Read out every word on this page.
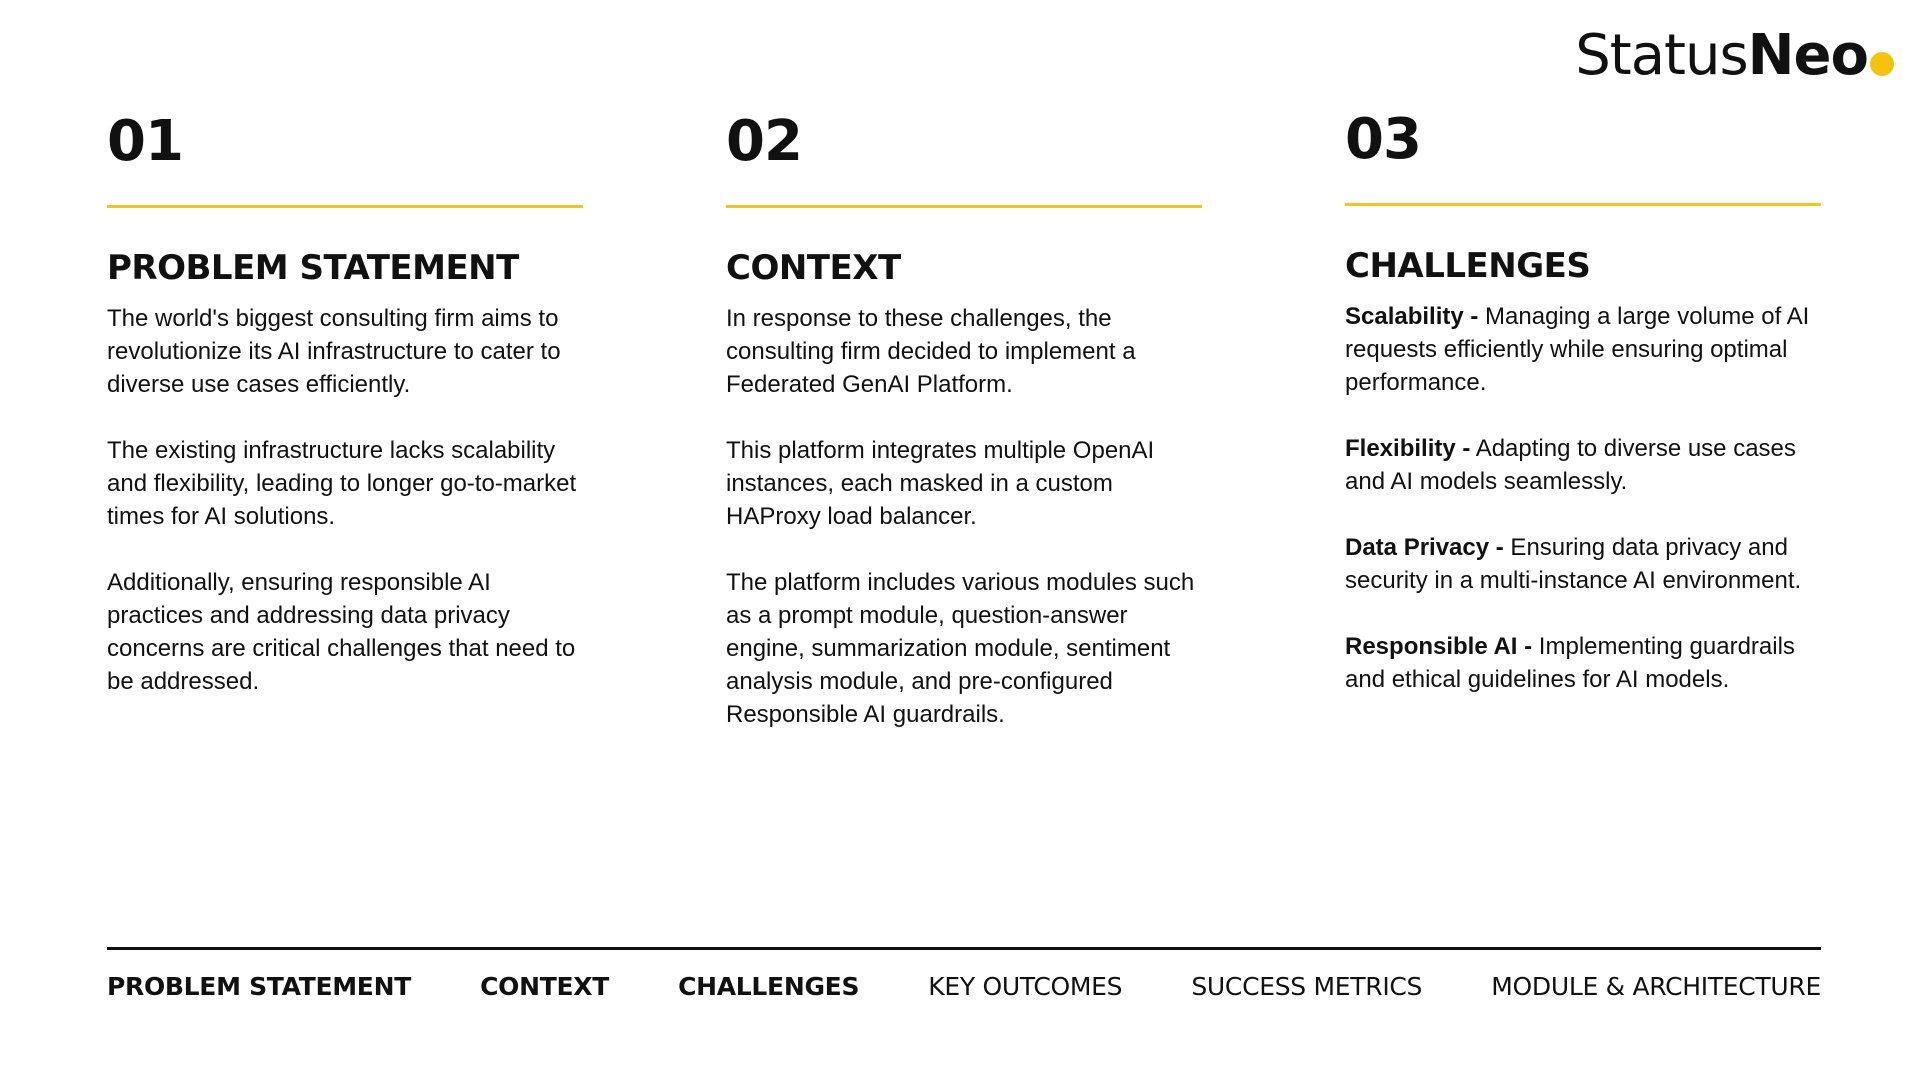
Status Neo
01
PROBLEM STATEMENT

The world's biggest consulting firm aims to revolutionize its AI infrastructure to cater to diverse use cases efficiently.

The existing infrastructure lacks scalability and flexibility, leading to longer go-to-market times for AI solutions.

Additionally, ensuring responsible AI practices and addressing data privacy concerns are critical challenges that need to be addressed.

02
CONTEXT

In response to these challenges, the consulting firm decided to implement a Federated GenAI Platform.

This platform integrates multiple OpenAI instances, each masked in a custom HAProxy load balancer.

The platform includes various modules such as a prompt module, question-answer engine, summarization module, sentiment analysis module, and pre-configured Responsible AI guardrails.

03
CHALLENGES

Scalability - Managing a large volume of AI requests efficiently while ensuring optimal performance.

Flexibility - Adapting to diverse use cases and AI models seamlessly.

Data Privacy - Ensuring data privacy and security in a multi-instance AI environment.

Responsible AI - Implementing guardrails and ethical guidelines for AI models.

PROBLEM STATEMENT	CONTEXT	CHALLENGES	KEY OUTCOMES	SUCCESS METRICS	MODULE & ARCHITECTURE
